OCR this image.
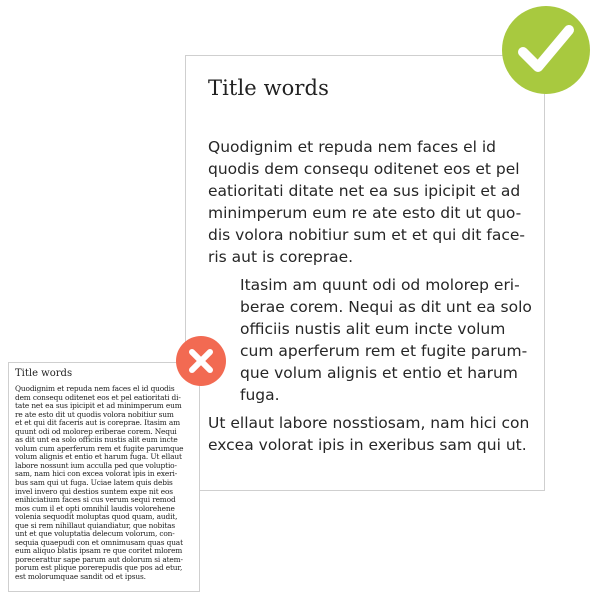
Title words
Quodignim et repuda nem faces el id
quodis dem consequ oditenet eos et pel
eatioritati ditate net ea sus ipicipit et ad
minimperum eum re ate esto dit ut quo-
dis volora nobitiur sum et et qui dit face-
ris aut is coreprae.
Itasim am quunt odi od molorep eri-
berae corem. Nequi as dit unt ea solo
officiis nustis alit eum incte volum
cum aperferum rem et fugite parum-
que volum alignis et entio et harum
fuga.
Ut ellaut labore nosstiosam, nam hici con
excea volorat ipis in exeribus sam qui ut.
Title words
Quodignim et repuda nem faces el id quodis
dem consequ oditenet eos et pel eatioritati di-
tate net ea sus ipicipit et ad minimperum eum
re ate esto dit ut quodis volora nobitiur sum
et et qui dit faceris aut is coreprae. Itasim am
quunt odi od molorep eriberae corem. Nequi
as dit unt ea solo officiis nustis alit eum incte
volum cum aperferum rem et fugite parumque
volum alignis et entio et harum fuga. Ut ellaut
labore nossunt ium acculla ped que voluptio-
sam, nam hici con excea volorat ipis in exeri-
bus sam qui ut fuga. Uciae latem quis debis
invel invero qui destios suntem expe nit eos
enihiciatium faces si cus verum sequi remod
mos cum il et opti omnihil laudis volorehene
volenia sequodit moluptas quod quam, audit,
que si rem nihillaut quiandiatur, que nobitas
unt et que voluptatia delecum volorum, con-
sequia quaepudi con et omnimusam quas quat
eum aliquo blatis ipsam re que coritet mlorem
porecerattur sape parum aut dolorum si atem-
porum est plique porerepudis que pos ad etur,
est molorumquae sandit od et ipsus.
